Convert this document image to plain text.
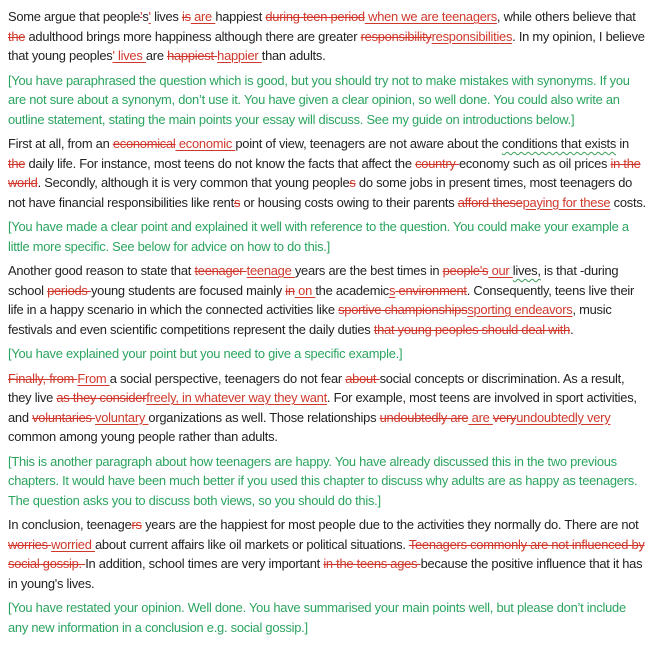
Some argue that people's' lives is are happiest during teen period when we are teenagers, while others believe that the adulthood brings more happiness although there are greater responsibilityresponsibilities. In my opinion, I believe that young peoples' lives are happiest happier than adults.

[You have paraphrased the question which is good, but you should try not to make mistakes with synonyms. If you are not sure about a synonym, don’t use it. You have given a clear opinion, so well done. You could also write an outline statement, stating the main points your essay will discuss. See my guide on introductions below.]

First at all, from an economical economic point of view, teenagers are not aware about the conditions that exists in the daily life. For instance, most teens do not know the facts that affect the country economy such as oil prices in the world. Secondly, although it is very common that young peoples do some jobs in present times, most teenagers do not have financial responsibilities like rents or housing costs owing to their parents afford thesepaying for these costs.

[You have made a clear point and explained it well with reference to the question. You could make your example a little more specific. See below for advice on how to do this.]

Another good reason to state that teenager teenage years are the best times in people's our lives, is that -during school periods young students are focused mainly in on the academics environment. Consequently, teens live their life in a happy scenario in which the connected activities like sportive championshipssporting endeavors, music festivals and even scientific competitions represent the daily duties that young peoples should deal with.

[You have explained your point but you need to give a specific example.]

Finally, from From a social perspective, teenagers do not fear about social concepts or discrimination. As a result, they live as they considerfreely, in whatever way they want. For example, most teens are involved in sport activities, and voluntaries voluntary organizations as well. Those relationships undoubtedly are are veryundoubtedly very common among young people rather than adults.

[This is another paragraph about how teenagers are happy. You have already discussed this in the two previous chapters. It would have been much better if you used this chapter to discuss why adults are as happy as teenagers. The question asks you to discuss both views, so you should do this.]

In conclusion, teenagers years are the happiest for most people due to the activities they normally do. There are not worries worried about current affairs like oil markets or political situations. Teenagers commonly are not influenced by social gossip. In addition, school times are very important in the teens ages because the positive influence that it has in young's lives.

[You have restated your opinion. Well done. You have summarised your main points well, but please don’t include any new information in a conclusion e.g. social gossip.]
